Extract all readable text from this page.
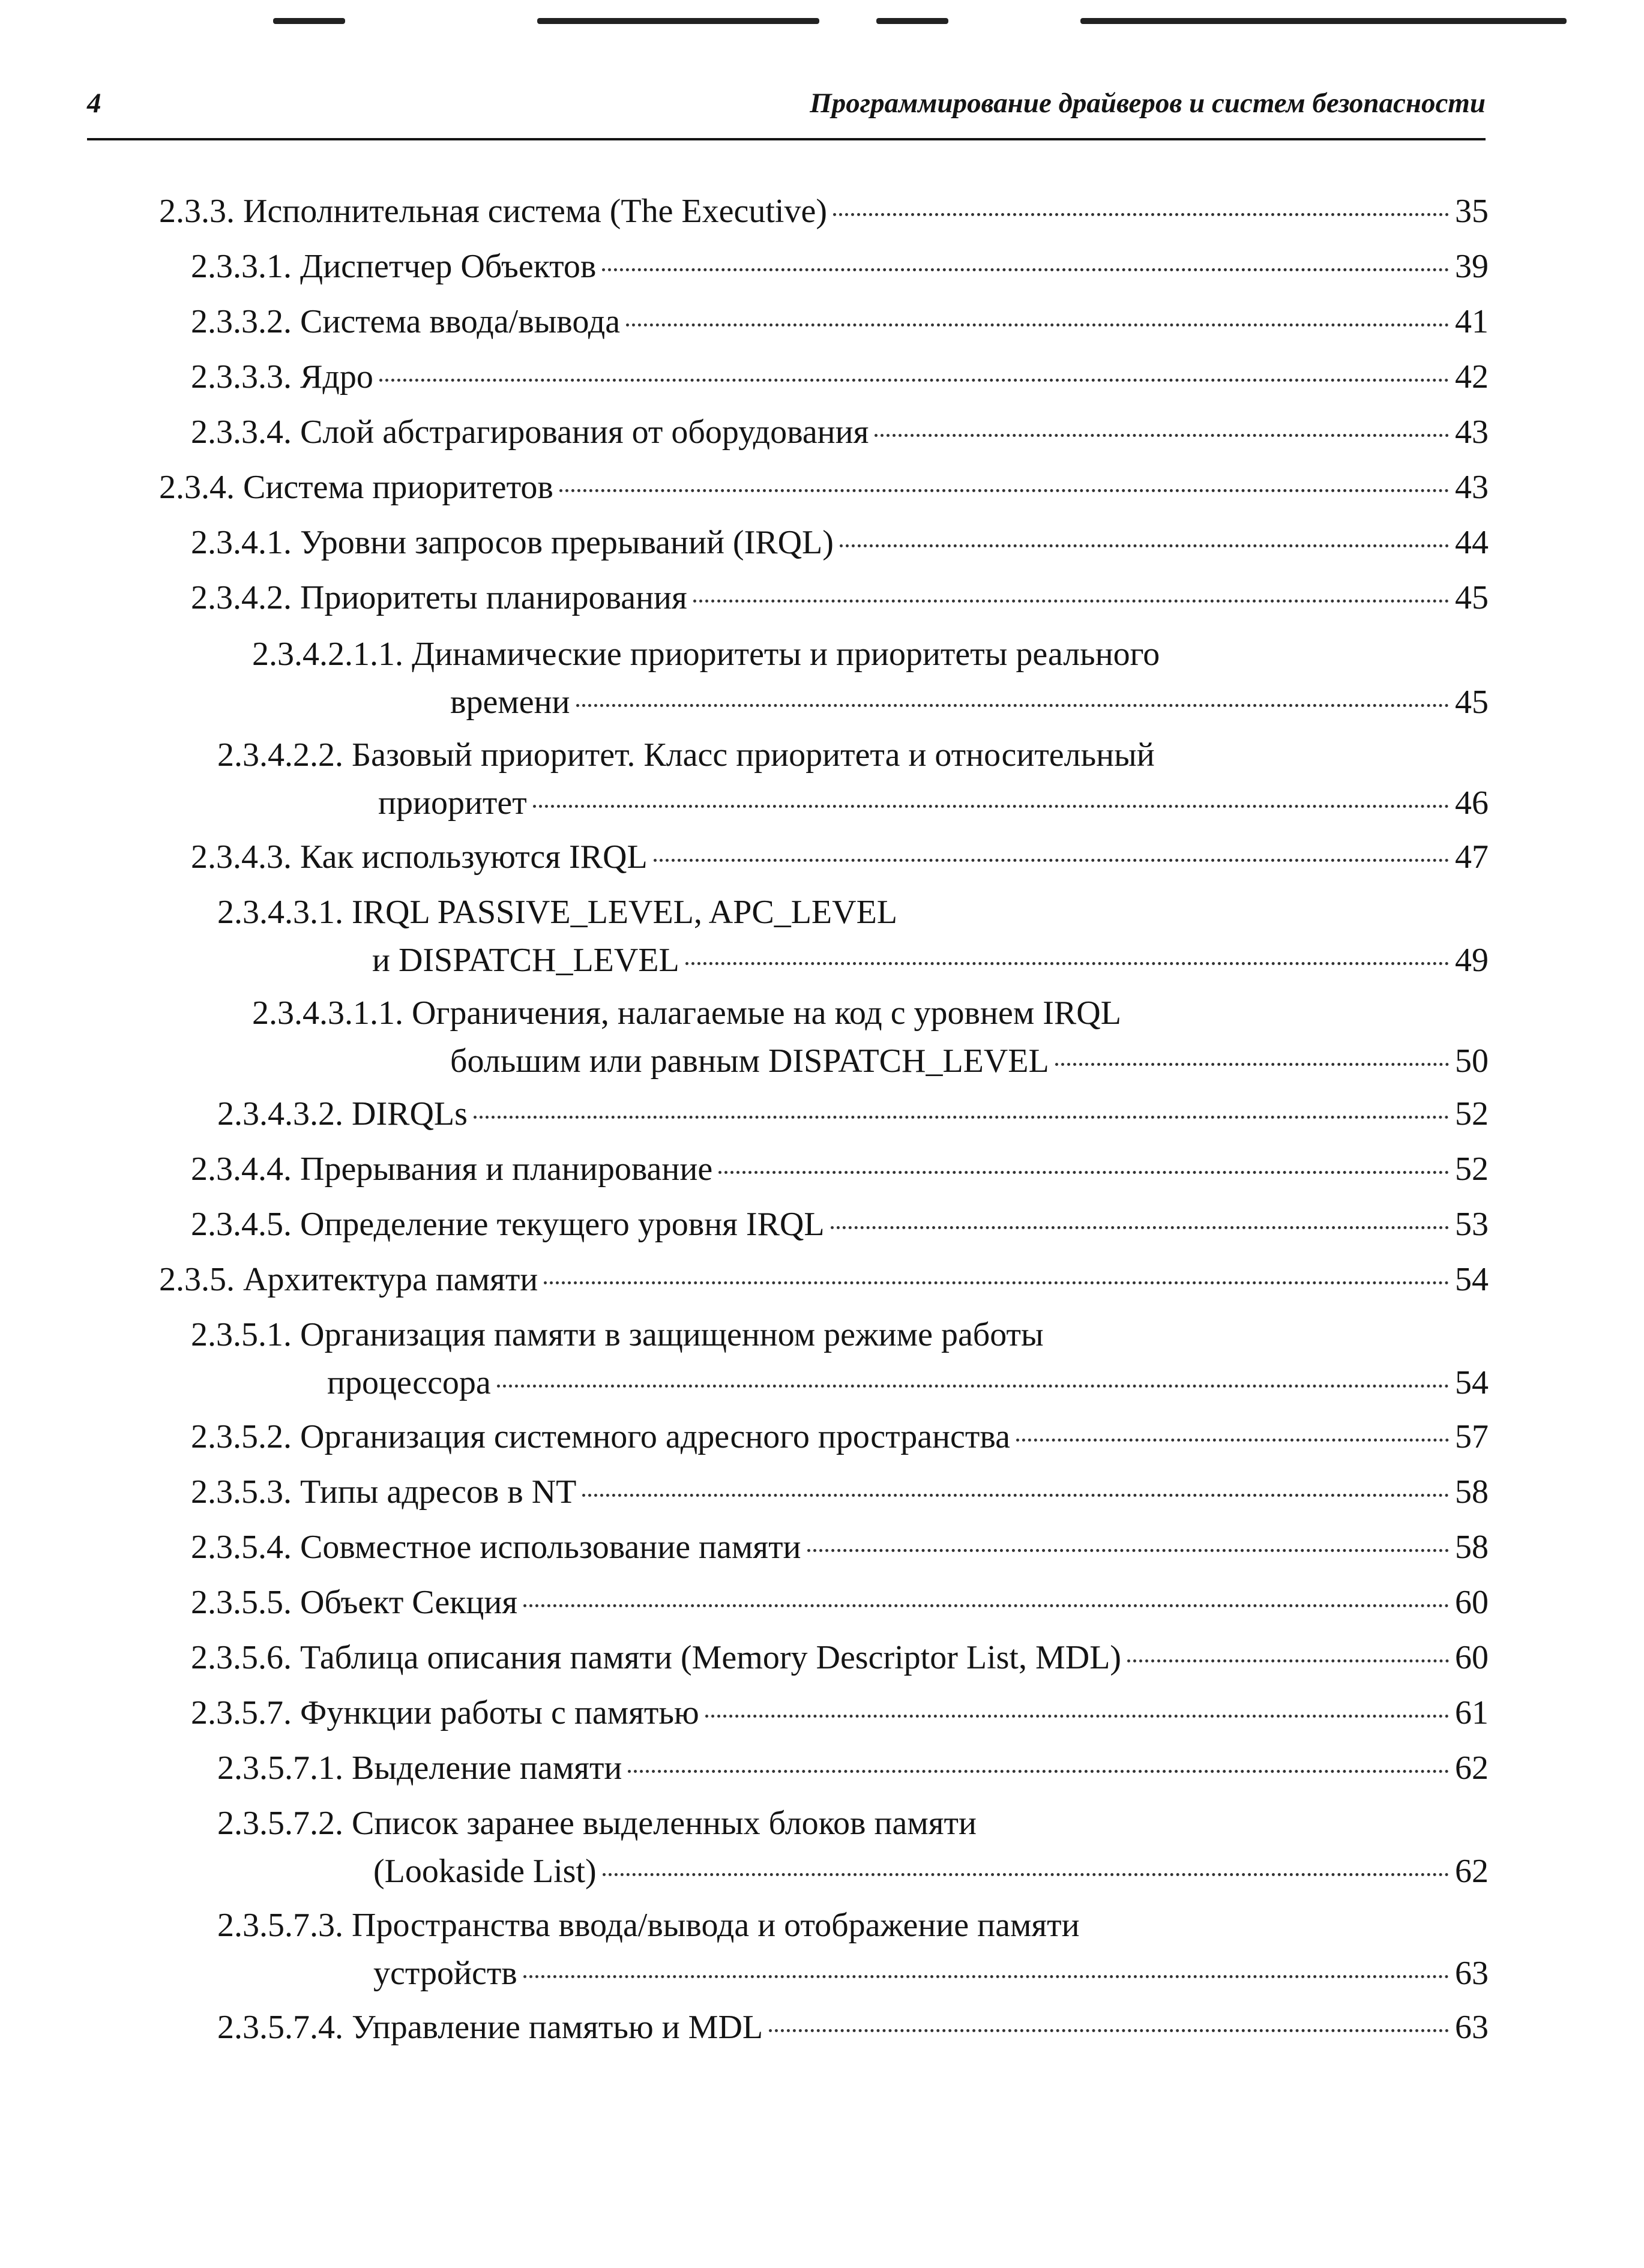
4	Программирование драйверов и систем безопасности
2.3.3. Исполнительная система (The Executive)	35
2.3.3.1. Диспетчер Объектов	39
2.3.3.2. Система ввода/вывода	41
2.3.3.3. Ядро	42
2.3.3.4. Слой абстрагирования от оборудования	43
2.3.4. Система приоритетов	43
2.3.4.1. Уровни запросов прерываний (IRQL)	44
2.3.4.2. Приоритеты планирования	45
2.3.4.2.1.1. Динамические приоритеты и приоритеты реального
времени	45
2.3.4.2.2. Базовый приоритет. Класс приоритета и относительный
приоритет	46
2.3.4.3. Как используются IRQL	47
2.3.4.3.1. IRQL PASSIVE_LEVEL, APC_LEVEL
и DISPATCH_LEVEL	49
2.3.4.3.1.1. Ограничения, налагаемые на код с уровнем IRQL
большим или равным DISPATCH_LEVEL	50
2.3.4.3.2. DIRQLs	52
2.3.4.4. Прерывания и планирование	52
2.3.4.5. Определение текущего уровня IRQL	53
2.3.5. Архитектура памяти	54
2.3.5.1. Организация памяти в защищенном режиме работы
процессора	54
2.3.5.2. Организация системного адресного пространства	57
2.3.5.3. Типы адресов в NT	58
2.3.5.4. Совместное использование памяти	58
2.3.5.5. Объект Секция	60
2.3.5.6. Таблица описания памяти (Memory Descriptor List, MDL)	60
2.3.5.7. Функции работы с памятью	61
2.3.5.7.1. Выделение памяти	62
2.3.5.7.2. Список заранее выделенных блоков памяти
(Lookaside List)	62
2.3.5.7.3. Пространства ввода/вывода и отображение памяти
устройств	63
2.3.5.7.4. Управление памятью и MDL	63
